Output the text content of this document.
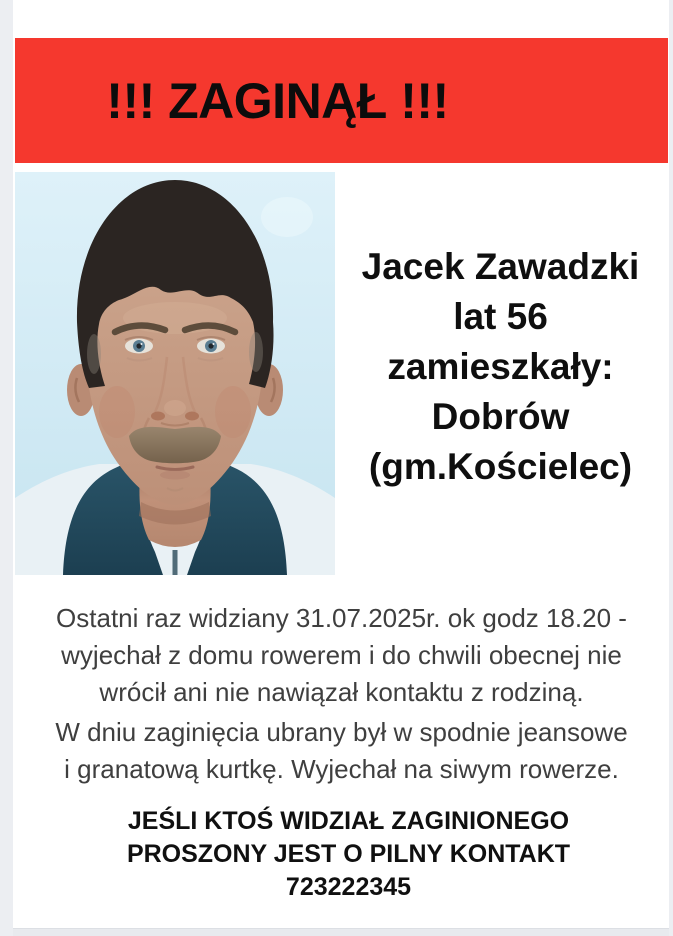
!!! ZAGINĄŁ !!!
Jacek Zawadzki
lat 56
zamieszkały:
Dobrów
(gm.Kościelec)
Ostatni raz widziany 31.07.2025r. ok godz 18.20 -
wyjechał z domu rowerem i do chwili obecnej nie
wrócił ani nie nawiązał kontaktu z rodziną.
W dniu zaginięcia ubrany był w spodnie jeansowe
i granatową kurtkę. Wyjechał na siwym rowerze.
JEŚLI KTOŚ WIDZIAŁ ZAGINIONEGO
PROSZONY JEST O PILNY KONTAKT
723222345
